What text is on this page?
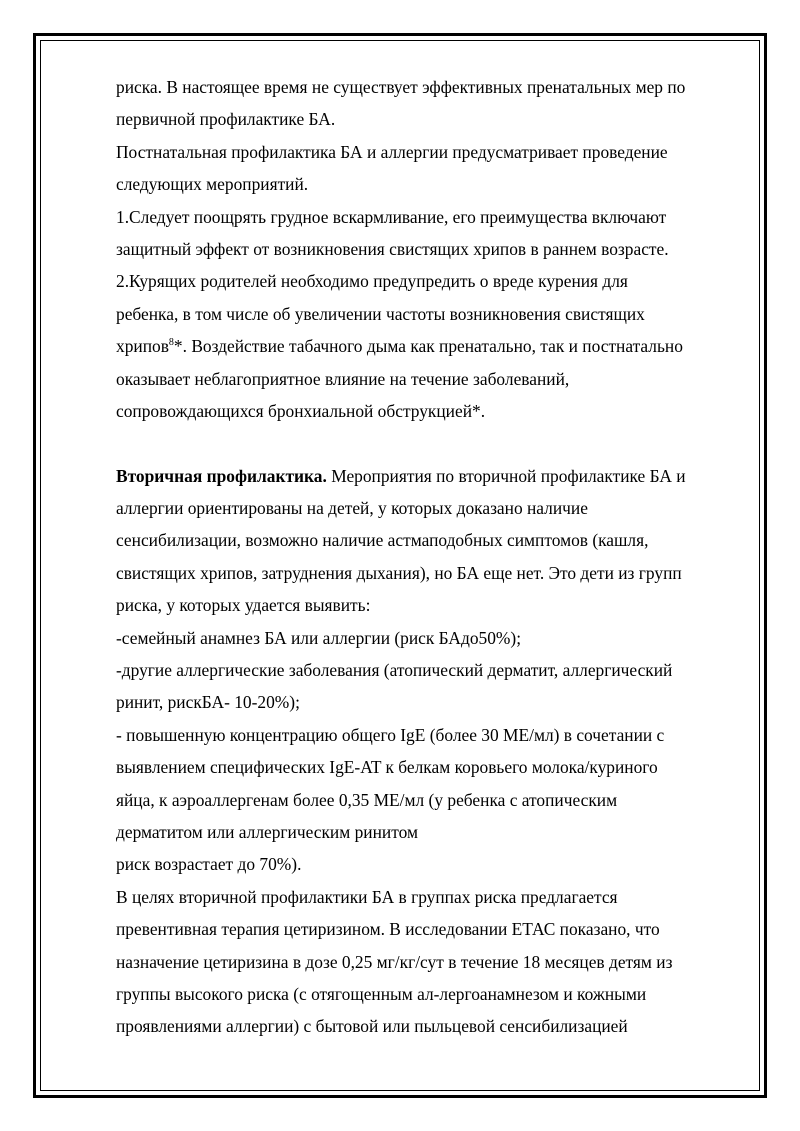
риска. В настоящее время не существует эффективных пренатальных мер по
первичной профилактике БА.
Постнатальная профилактика БА и аллергии предусматривает проведение
следующих мероприятий.
1.Следует поощрять грудное вскармливание, его преимущества включают
защитный эффект от возникновения свистящих хрипов в раннем возрасте.
2.Курящих родителей необходимо предупредить о вреде курения для
ребенка, в том числе об увеличении частоты возникновения свистящих
хрипов$^8$*. Воздействие табачного дыма как пренатально, так и постнатально
оказывает неблагоприятное влияние на течение заболеваний,
сопровождающихся бронхиальной обструкцией*.
Вторичная профилактика. Мероприятия по вторичной профилактике БА и
аллергии ориентированы на детей, у которых доказано наличие
сенсибилизации, возможно наличие астмаподобных симптомов (кашля,
свистящих хрипов, затруднения дыхания), но БА еще нет. Это дети из групп
риска, у которых удается выявить:
-семейный анамнез БА или аллергии (риск БАдо50%);
-другие аллергические заболевания (атопический дерматит, аллергический
ринит, рискБА- 10-20%);
- повышенную концентрацию общего IgE (более 30 МЕ/мл) в сочетании с
выявлением специфических IgE-AT к белкам коровьего молока/куриного
яйца, к аэроаллергенам более 0,35 МЕ/мл (у ребенка с атопическим
дерматитом или аллергическим ринитом
риск возрастает до 70%).
В целях вторичной профилактики БА в группах риска предлагается
превентивная терапия цетиризином. В исследовании ЕТАС показано, что
назначение цетиризина в дозе 0,25 мг/кг/сут в течение 18 месяцев детям из
группы высокого риска (с отягощенным ал-лергоанамнезом и кожными
проявлениями аллергии) с бытовой или пыльцевой сенсибилизацией
